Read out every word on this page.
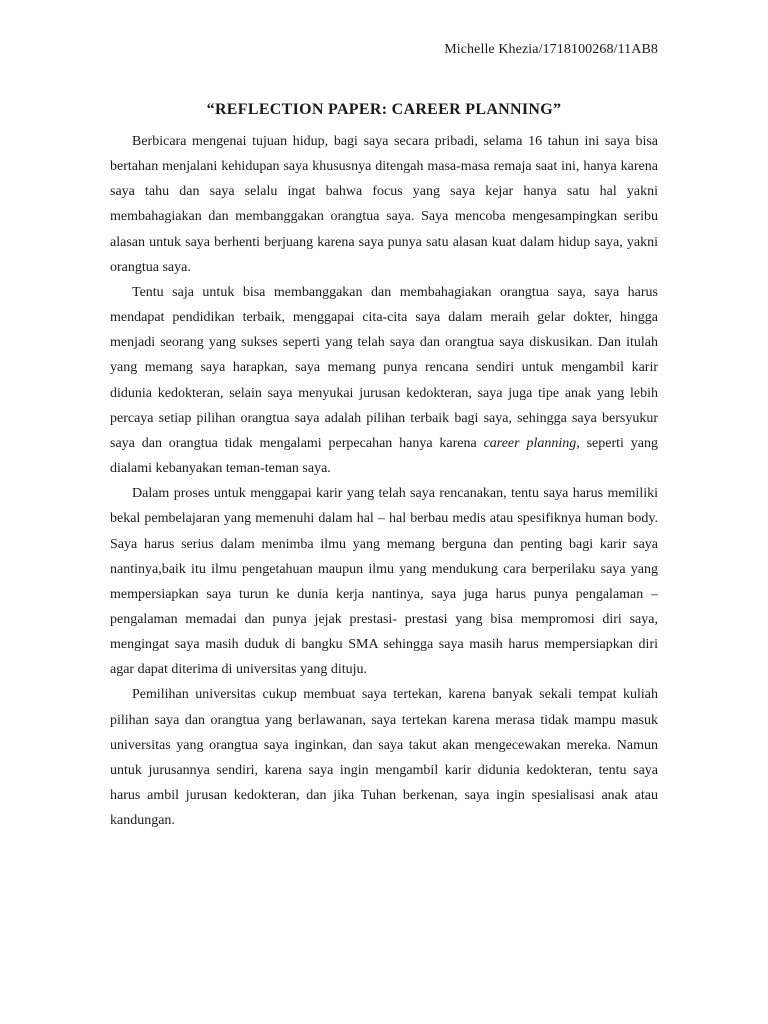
Michelle Khezia/1718100268/11AB8
“REFLECTION PAPER: CAREER PLANNING”

Berbicara mengenai tujuan hidup, bagi saya secara pribadi, selama 16 tahun ini saya bisa bertahan menjalani kehidupan saya khususnya ditengah masa-masa remaja saat ini, hanya karena saya tahu dan saya selalu ingat bahwa focus yang saya kejar hanya satu hal yakni membahagiakan dan membanggakan orangtua saya. Saya mencoba mengesampingkan seribu alasan untuk saya berhenti berjuang karena saya punya satu alasan kuat dalam hidup saya, yakni orangtua saya.

Tentu saja untuk bisa membanggakan dan membahagiakan orangtua saya, saya harus mendapat pendidikan terbaik, menggapai cita-cita saya dalam meraih gelar dokter, hingga menjadi seorang yang sukses seperti yang telah saya dan orangtua saya diskusikan. Dan itulah yang memang saya harapkan, saya memang punya rencana sendiri untuk mengambil karir didunia kedokteran, selain saya menyukai jurusan kedokteran, saya juga tipe anak yang lebih percaya setiap pilihan orangtua saya adalah pilihan terbaik bagi saya, sehingga saya bersyukur saya dan orangtua tidak mengalami perpecahan hanya karena career planning, seperti yang dialami kebanyakan teman-teman saya.

Dalam proses untuk menggapai karir yang telah saya rencanakan, tentu saya harus memiliki bekal pembelajaran yang memenuhi dalam hal – hal berbau medis atau spesifiknya human body. Saya harus serius dalam menimba ilmu yang memang berguna dan penting bagi karir saya nantinya,baik itu ilmu pengetahuan maupun ilmu yang mendukung cara berperilaku saya yang mempersiapkan saya turun ke dunia kerja nantinya, saya juga harus punya pengalaman – pengalaman memadai dan punya jejak prestasi- prestasi yang bisa mempromosi diri saya, mengingat saya masih duduk di bangku SMA sehingga saya masih harus mempersiapkan diri agar dapat diterima di universitas yang dituju.

Pemilihan universitas cukup membuat saya tertekan, karena banyak sekali tempat kuliah pilihan saya dan orangtua yang berlawanan, saya tertekan karena merasa tidak mampu masuk universitas yang orangtua saya inginkan, dan saya takut akan mengecewakan mereka. Namun untuk jurusannya sendiri, karena saya ingin mengambil karir didunia kedokteran, tentu saya harus ambil jurusan kedokteran, dan jika Tuhan berkenan, saya ingin spesialisasi anak atau kandungan.
